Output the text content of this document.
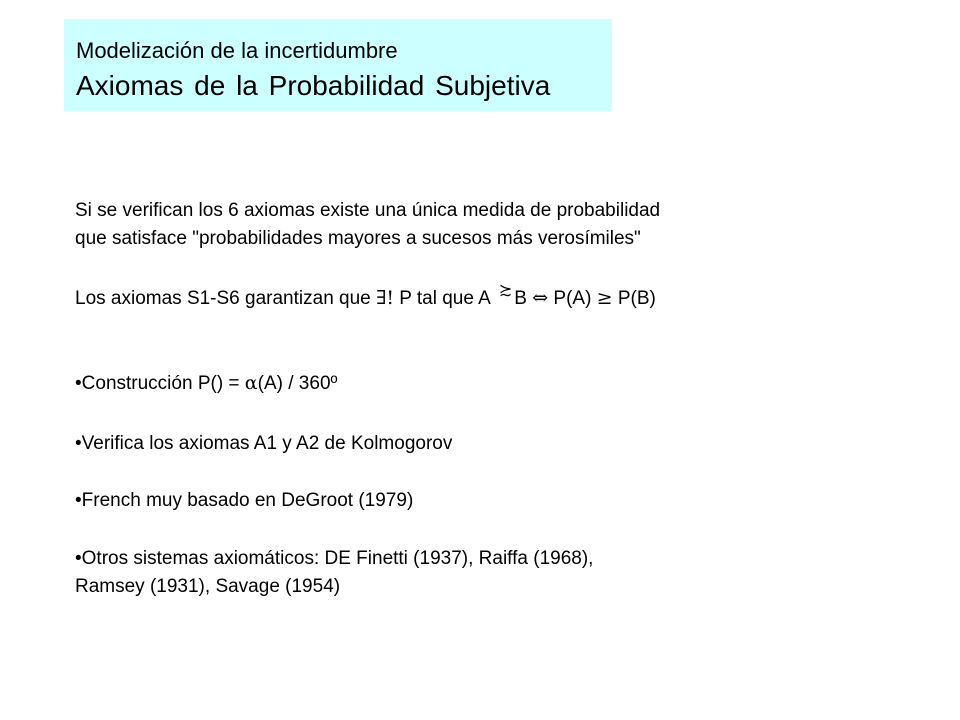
Modelización de la incertidumbre
Axiomas de la Probabilidad Subjetiva
Si se verifican los 6 axiomas existe una única medida de probabilidad
que satisface "probabilidades mayores a sucesos más verosímiles"
Los axiomas S1-S6 garantizan que ∃! P tal que A ≿ B ⇔ P(A) ≥ P(B)
•Construcción P() = α(A) / 360º
•Verifica los axiomas A1 y A2 de Kolmogorov
•French muy basado en DeGroot (1979)
•Otros sistemas axiomáticos: DE Finetti (1937), Raiffa (1968),
Ramsey (1931), Savage (1954)
